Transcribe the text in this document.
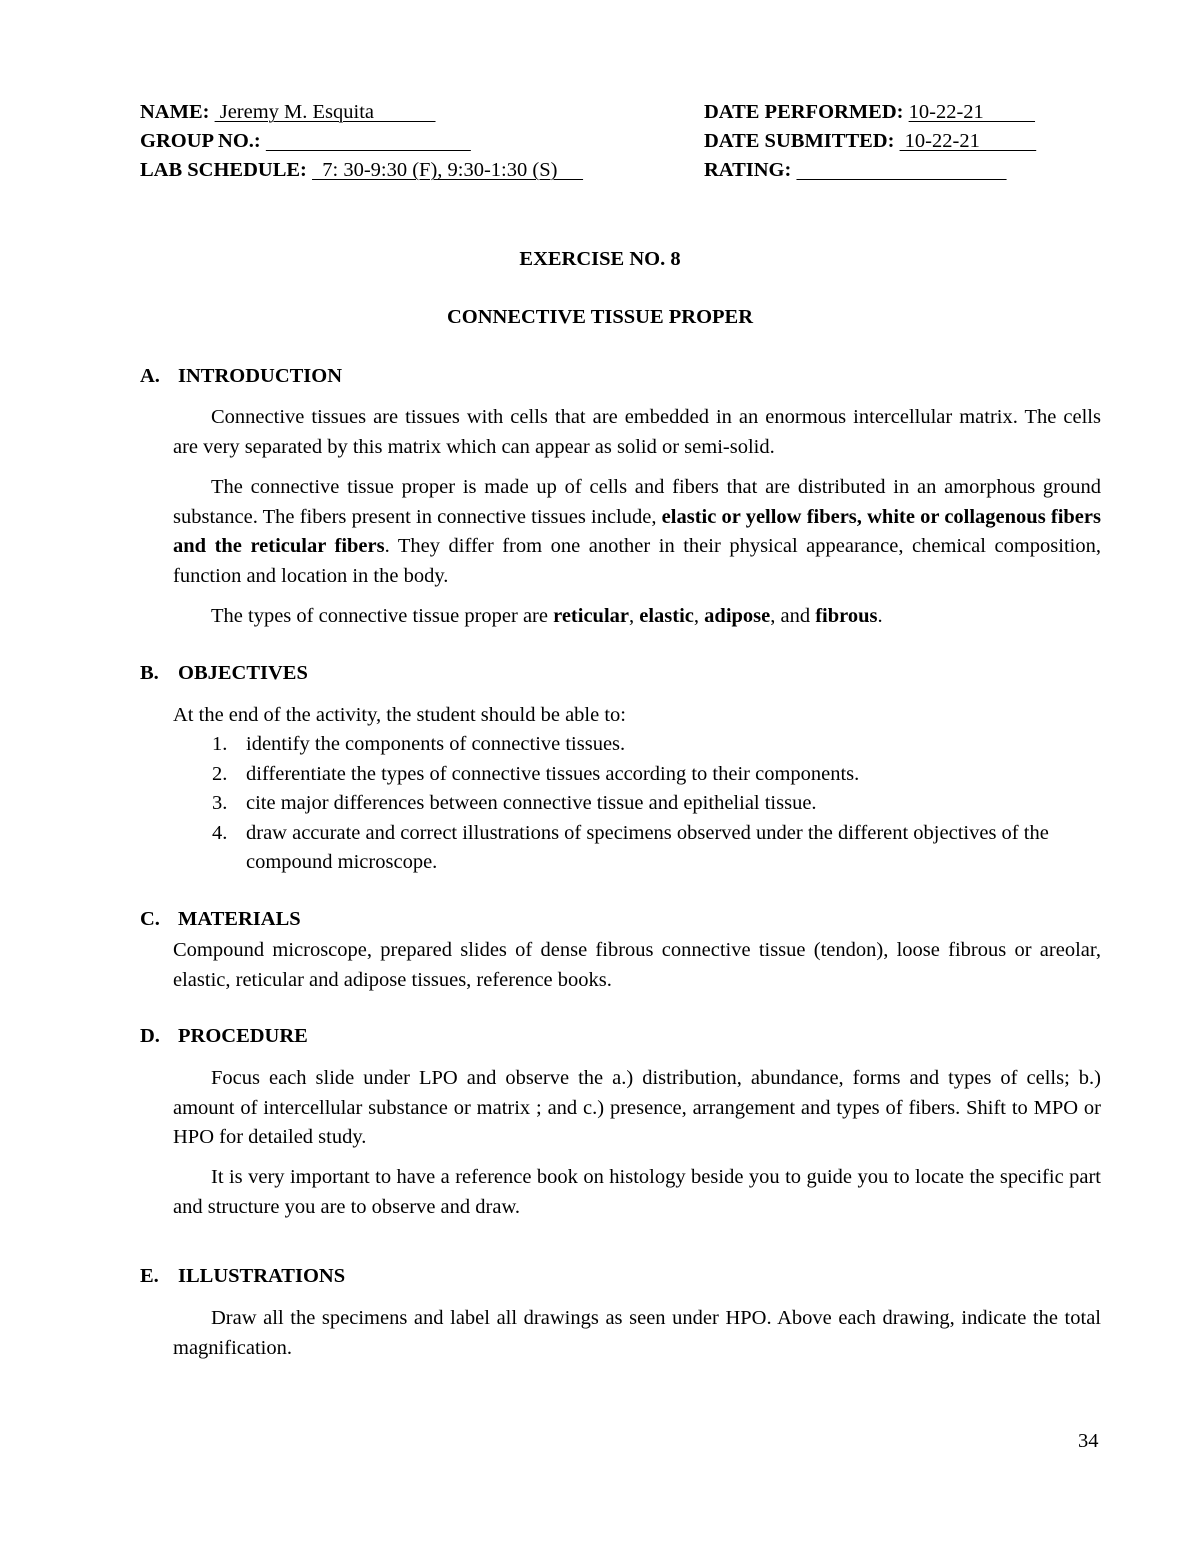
NAME:  Jeremy M. Esquita	DATE PERFORMED: 10-22-21
GROUP NO.:	DATE SUBMITTED:  10-22-21
LAB SCHEDULE:   7: 30-9:30 (F), 9:30-1:30 (S)	RATING:
EXERCISE NO. 8
CONNECTIVE TISSUE PROPER
A. INTRODUCTION

Connective tissues are tissues with cells that are embedded in an enormous intercellular matrix. The cells are very separated by this matrix which can appear as solid or semi-solid.

The connective tissue proper is made up of cells and fibers that are distributed in an amorphous ground substance. The fibers present in connective tissues include, elastic or yellow fibers, white or collagenous fibers and the reticular fibers. They differ from one another in their physical appearance, chemical composition, function and location in the body.

The types of connective tissue proper are reticular, elastic, adipose, and fibrous.

B. OBJECTIVES

At the end of the activity, the student should be able to:

1. identify the components of connective tissues.
2. differentiate the types of connective tissues according to their components.
3. cite major differences between connective tissue and epithelial tissue.
4. draw accurate and correct illustrations of specimens observed under the different objectives of the compound microscope.
C. MATERIALS

Compound microscope, prepared slides of dense fibrous connective tissue (tendon), loose fibrous or areolar, elastic, reticular and adipose tissues, reference books.

D. PROCEDURE

Focus each slide under LPO and observe the a.) distribution, abundance, forms and types of cells; b.) amount of intercellular substance or matrix ; and c.) presence, arrangement and types of fibers. Shift to MPO or HPO for detailed study.

It is very important to have a reference book on histology beside you to guide you to locate the specific part and structure you are to observe and draw.

E. ILLUSTRATIONS

Draw all the specimens and label all drawings as seen under HPO. Above each drawing, indicate the total magnification.

34
